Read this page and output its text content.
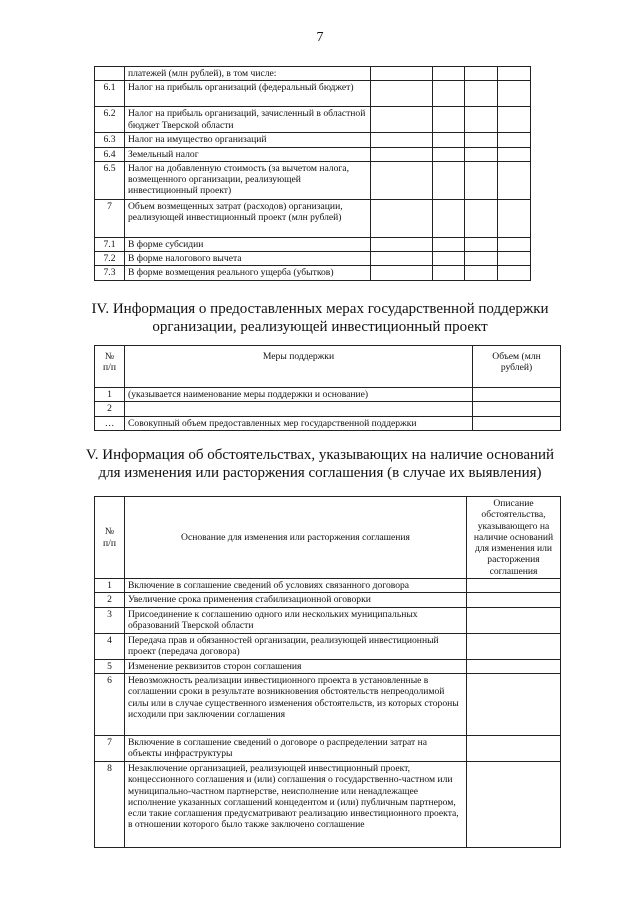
7
	платежей (млн рублей), в том числе:				
6.1	Налог на прибыль организаций (федеральный бюджет)				
6.2	Налог на прибыль организаций, зачисленный в областной бюджет Тверской области				
6.3	Налог на имущество организаций				
6.4	Земельный налог				
6.5	Налог на добавленную стоимость (за вычетом налога, возмещенного организации, реализующей инвестиционный проект)				
7	Объем возмещенных затрат (расходов) организации, реализующей инвестиционный проект (млн рублей)				
7.1	В форме субсидии				
7.2	В форме налогового вычета				
7.3	В форме возмещения реального ущерба (убытков)				
IV. Информация о предоставленных мерах государственной поддержки
организации, реализующей инвестиционный проект
№
п/п	Меры поддержки	Объем (млн рублей)
1	(указывается наименование меры поддержки и основание)	
2		
…	Совокупный объем предоставленных мер государственной поддержки	
V. Информация об обстоятельствах, указывающих на наличие оснований
для изменения или расторжения соглашения (в случае их выявления)
№
п/п	Основание для изменения или расторжения соглашения	Описание обстоятельства, указывающего на наличие оснований для изменения или расторжения соглашения
1	Включение в соглашение сведений об условиях связанного договора	
2	Увеличение срока применения стабилизационной оговорки	
3	Присоединение к соглашению одного или нескольких муниципальных образований Тверской области	
4	Передача прав и обязанностей организации, реализующей инвестиционный проект (передача договора)	
5	Изменение реквизитов сторон соглашения	
6	Невозможность реализации инвестиционного проекта в установленные в соглашении сроки в результате возникновения обстоятельств непреодолимой силы или в случае существенного изменения обстоятельств, из которых стороны исходили при заключении соглашения	
7	Включение в соглашение сведений о договоре о распределении затрат на объекты инфраструктуры	
8	Незаключение организацией, реализующей инвестиционный проект, концессионного соглашения и (или) соглашения о государственно-частном или муниципально-частном партнерстве, неисполнение или ненадлежащее исполнение указанных соглашений концедентом и (или) публичным партнером, если такие соглашения предусматривают реализацию инвестиционного проекта, в отношении которого было также заключено соглашение	
